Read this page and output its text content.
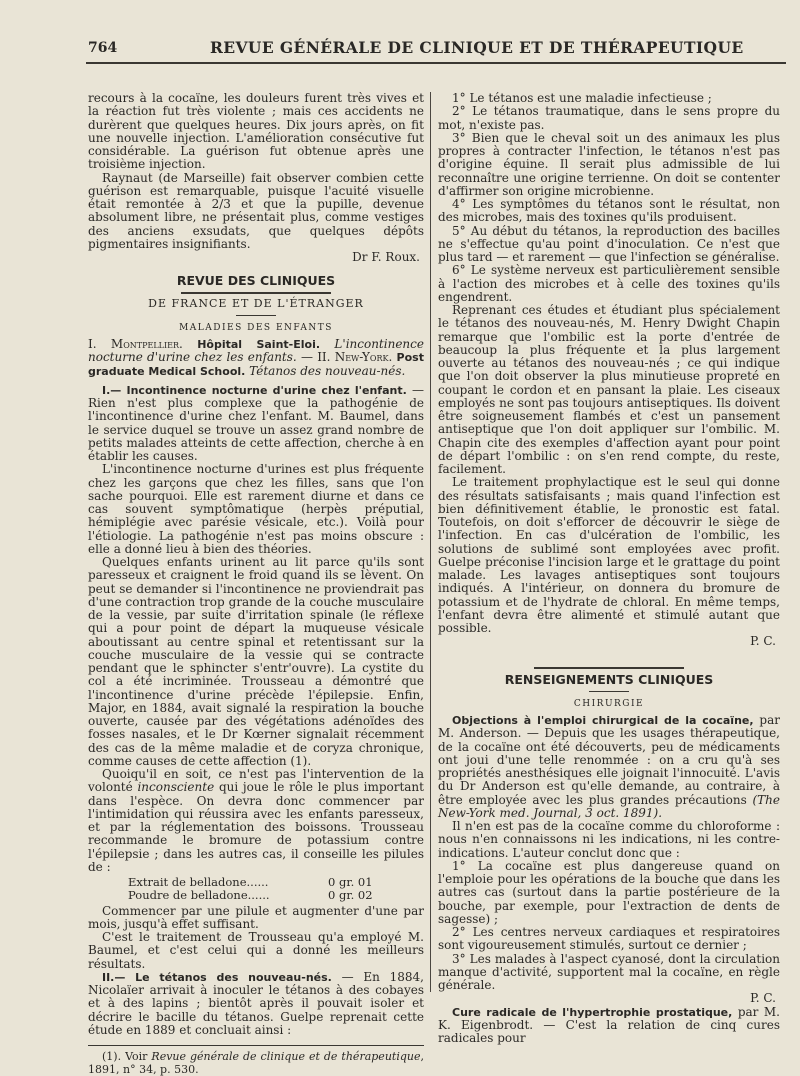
764	REVUE GÉNÉRALE DE CLINIQUE ET DE THÉRAPEUTIQUE

recours à la cocaïne, les douleurs furent très vives et la réaction fut très violente ; mais ces accidents ne durèrent que quelques heures. Dix jours après, on fit une nouvelle injection. L'amélioration consécutive fut considérable. La guérison fut obtenue après une troisième injection.

Raynaut (de Marseille) fait observer combien cette guérison est remarquable, puisque l'acuité visuelle était remontée à 2/3 et que la pupille, devenue absolument libre, ne présentait plus, comme vestiges des anciens exsudats, que quelques dépôts pigmentaires insignifiants.

Dr F. Roux.

REVUE DES CLINIQUES
DE FRANCE ET DE L'ÉTRANGER
MALADIES DES ENFANTS

I. Montpellier. Hôpital Saint-Eloi. L'incontinence nocturne d'urine chez les enfants. — II. New-York. Post graduate Medical School. Tétanos des nouveau-nés.

I.— Incontinence nocturne d'urine chez l'enfant. — Rien n'est plus complexe que la pathogénie de l'incontinence d'urine chez l'enfant. M. Baumel, dans le service duquel se trouve un assez grand nombre de petits malades atteints de cette affection, cherche à en établir les causes.

L'incontinence nocturne d'urines est plus fréquente chez les garçons que chez les filles, sans que l'on sache pourquoi. Elle est rarement diurne et dans ce cas souvent symptômatique (herpès préputial, hémiplégie avec parésie vésicale, etc.). Voilà pour l'étiologie. La pathogénie n'est pas moins obscure : elle a donné lieu à bien des théories.

Quelques enfants urinent au lit parce qu'ils sont paresseux et craignent le froid quand ils se lèvent. On peut se demander si l'incontinence ne proviendrait pas d'une contraction trop grande de la couche musculaire de la vessie, par suite d'irritation spinale (le réflexe qui a pour point de départ la muqueuse vésicale aboutissant au centre spinal et retentissant sur la couche musculaire de la vessie qui se contracte pendant que le sphincter s'entr'ouvre). La cystite du col a été incriminée. Trousseau a démontré que l'incontinence d'urine précède l'épilepsie. Enfin, Major, en 1884, avait signalé la respiration la bouche ouverte, causée par des végétations adénoïdes des fosses nasales, et le Dr Kœrner signalait récemment des cas de la même maladie et de coryza chronique, comme causes de cette affection (1).

Quoiqu'il en soit, ce n'est pas l'intervention de la volonté inconsciente qui joue le rôle le plus important dans l'espèce. On devra donc commencer par l'intimidation qui réussira avec les enfants paresseux, et par la réglementation des boissons. Trousseau recommande le bromure de potassium contre l'épilepsie ; dans les autres cas, il conseille les pilules de :

Extrait de belladone......	0 gr. 01
Poudre de belladone......	0 gr. 02

Commencer par une pilule et augmenter d'une par mois, jusqu'à effet suffisant.

C'est le traitement de Trousseau qu'a employé M. Baumel, et c'est celui qui a donné les meilleurs résultats.

II.— Le tétanos des nouveau-nés. — En 1884, Nicolaïer arrivait à inoculer le tétanos à des cobayes et à des lapins ; bientôt après il pouvait isoler et décrire le bacille du tétanos. Guelpe reprenait cette étude en 1889 et concluait ainsi :

(1). Voir Revue générale de clinique et de thérapeutique, 1891, n° 34, p. 530.

1° Le tétanos est une maladie infectieuse ;

2° Le tétanos traumatique, dans le sens propre du mot, n'existe pas.

3° Bien que le cheval soit un des animaux les plus propres à contracter l'infection, le tétanos n'est pas d'origine équine. Il serait plus admissible de lui reconnaître une origine terrienne. On doit se contenter d'affirmer son origine microbienne.

4° Les symptômes du tétanos sont le résultat, non des microbes, mais des toxines qu'ils produisent.

5° Au début du tétanos, la reproduction des bacilles ne s'effectue qu'au point d'inoculation. Ce n'est que plus tard — et rarement — que l'infection se généralise.

6° Le système nerveux est particulièrement sensible à l'action des microbes et à celle des toxines qu'ils engendrent.

Reprenant ces études et étudiant plus spécialement le tétanos des nouveau-nés, M. Henry Dwight Chapin remarque que l'ombilic est la porte d'entrée de beaucoup la plus fréquente et la plus largement ouverte au tétanos des nouveau-nés ; ce qui indique que l'on doit observer la plus minutieuse propreté en coupant le cordon et en pansant la plaie. Les ciseaux employés ne sont pas toujours antiseptiques. Ils doivent être soigneusement flambés et c'est un pansement antiseptique que l'on doit appliquer sur l'ombilic. M. Chapin cite des exemples d'affection ayant pour point de départ l'ombilic : on s'en rend compte, du reste, facilement.

Le traitement prophylactique est le seul qui donne des résultats satisfaisants ; mais quand l'infection est bien définitivement établie, le pronostic est fatal. Toutefois, on doit s'efforcer de découvrir le siège de l'infection. En cas d'ulcération de l'ombilic, les solutions de sublimé sont employées avec profit. Guelpe préconise l'incision large et le grattage du point malade. Les lavages antiseptiques sont toujours indiqués. A l'intérieur, on donnera du bromure de potassium et de l'hydrate de chloral. En même temps, l'enfant devra être alimenté et stimulé autant que possible.

P. C.

RENSEIGNEMENTS CLINIQUES
CHIRURGIE

Objections à l'emploi chirurgical de la cocaïne, par M. Anderson. — Depuis que les usages thérapeutique, de la cocaïne ont été découverts, peu de médicaments ont joui d'une telle renommée : on a cru qu'à ses propriétés anesthésiques elle joignait l'innocuité. L'avis du Dr Anderson est qu'elle demande, au contraire, à être employée avec les plus grandes précautions (The New-York med. Journal, 3 oct. 1891).

Il n'en est pas de la cocaïne comme du chloroforme : nous n'en connaissons ni les indications, ni les contre-indications. L'auteur conclut donc que :

1° La cocaïne est plus dangereuse quand on l'emploie pour les opérations de la bouche que dans les autres cas (surtout dans la partie postérieure de la bouche, par exemple, pour l'extraction de dents de sagesse) ;

2° Les centres nerveux cardiaques et respiratoires sont vigoureusement stimulés, surtout ce dernier ;

3° Les malades à l'aspect cyanosé, dont la circulation manque d'activité, supportent mal la cocaïne, en règle générale.

P. C.

Cure radicale de l'hypertrophie prostatique, par M. K. Eigenbrodt. — C'est la relation de cinq cures radicales pour
